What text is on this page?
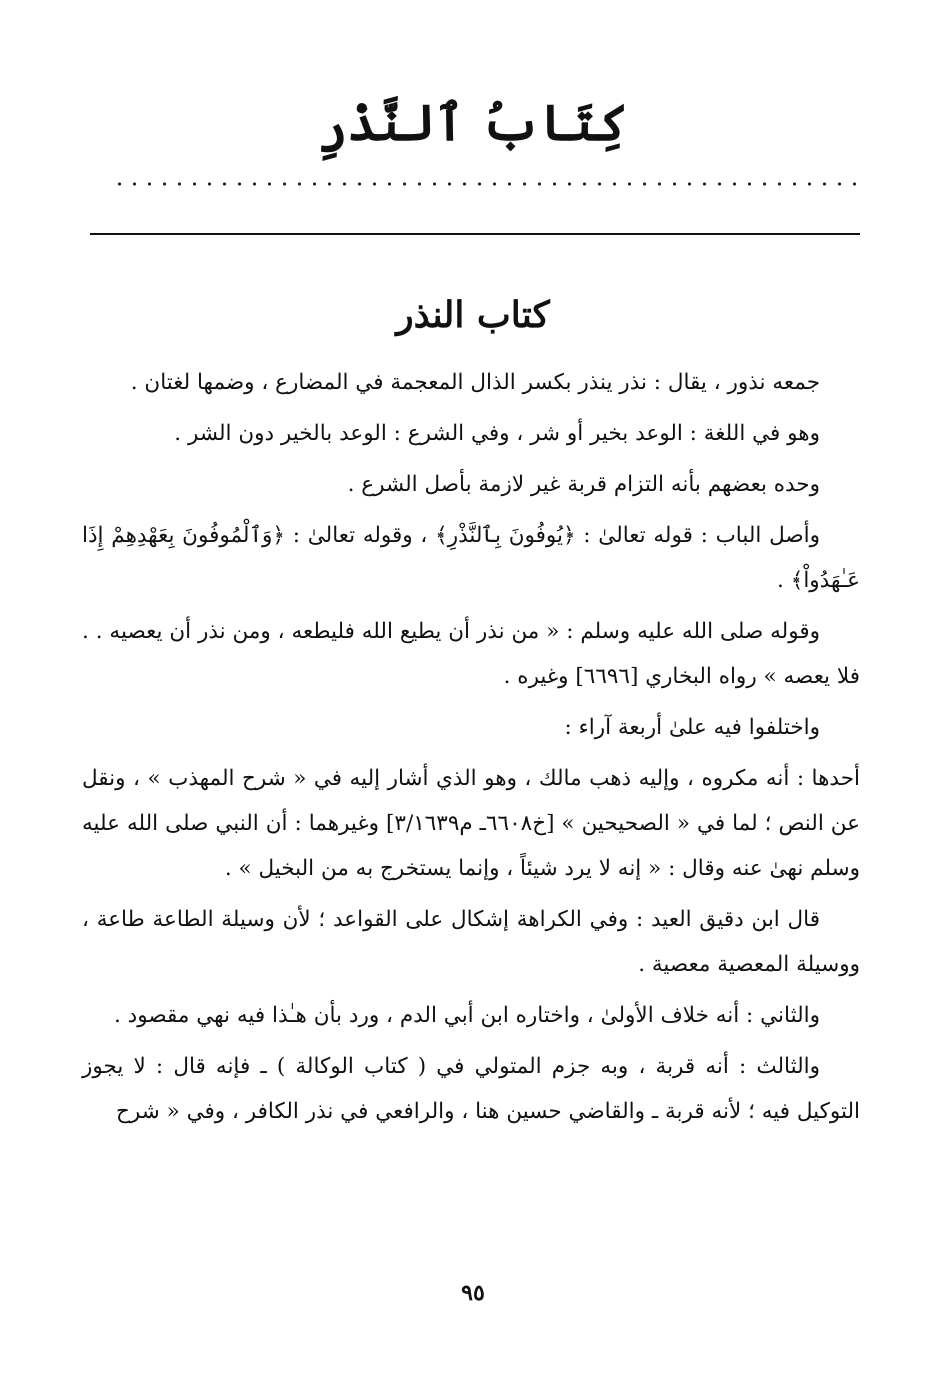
كِتَابُ ٱلنَّذْرِ
كتاب النذر

جمعه نذور ، يقال : نذر ينذر بكسر الذال المعجمة في المضارع ، وضمها لغتان .

وهو في اللغة : الوعد بخير أو شر ، وفي الشرع : الوعد بالخير دون الشر .

وحده بعضهم بأنه التزام قربة غير لازمة بأصل الشرع .

وأصل الباب : قوله تعالىٰ : ﴿يُوفُونَ بِٱلنَّذْرِ﴾ ، وقوله تعالىٰ : ﴿وَٱلْمُوفُونَ بِعَهْدِهِمْ إِذَا عَـٰهَدُواْ﴾ .

وقوله صلى الله عليه وسلم : « من نذر أن يطيع الله فليطعه ، ومن نذر أن يعصيه . . فلا يعصه » رواه البخاري [٦٦٩٦] وغيره .

واختلفوا فيه علىٰ أربعة آراء :

أحدها : أنه مكروه ، وإليه ذهب مالك ، وهو الذي أشار إليه في « شرح المهذب » ، ونقل عن النص ؛ لما في « الصحيحين » [خ٦٦٠٨ـ م٣/١٦٣٩] وغيرهما : أن النبي صلى الله عليه وسلم نهىٰ عنه وقال : « إنه لا يرد شيئاً ، وإنما يستخرج به من البخيل » .

قال ابن دقيق العيد : وفي الكراهة إشكال على القواعد ؛ لأن وسيلة الطاعة طاعة ، ووسيلة المعصية معصية .

والثاني : أنه خلاف الأولىٰ ، واختاره ابن أبي الدم ، ورد بأن هـٰذا فيه نهي مقصود .

والثالث : أنه قربة ، وبه جزم المتولي في ( كتاب الوكالة ) ـ فإنه قال : لا يجوز التوكيل فيه ؛ لأنه قربة ـ والقاضي حسين هنا ، والرافعي في نذر الكافر ، وفي « شرح

٩٥
